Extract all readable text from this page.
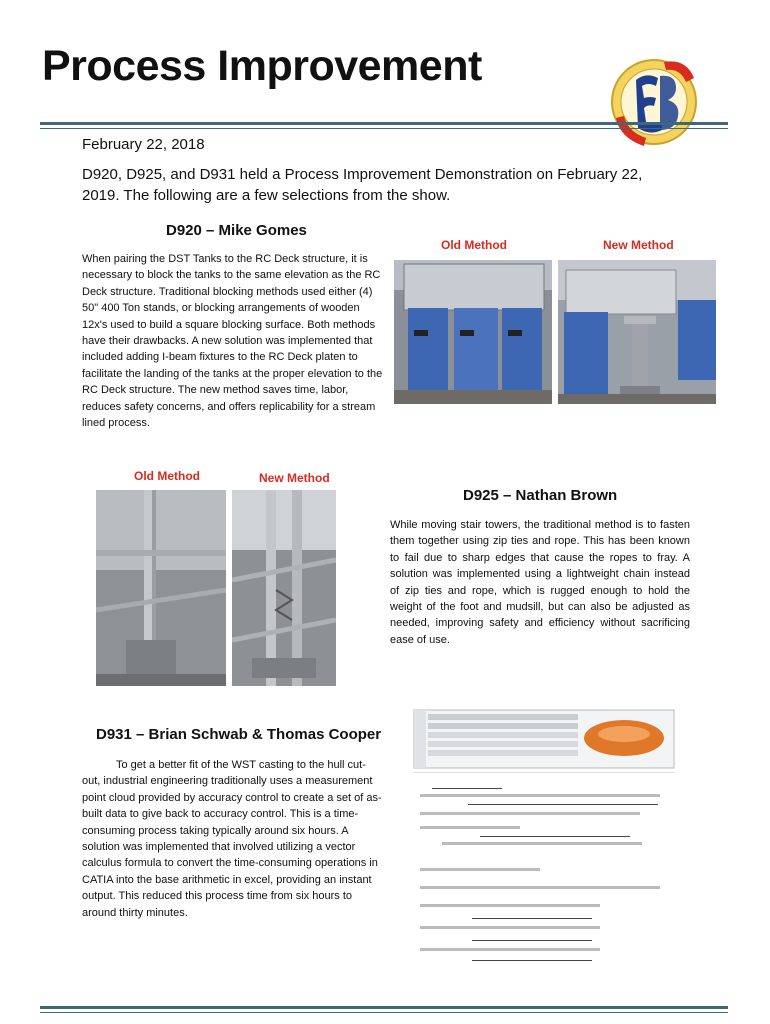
Process Improvement
February 22, 2018
D920, D925, and D931 held a Process Improvement Demonstration on February 22, 2019. The following are a few selections from the show.
D920 – Mike Gomes
When pairing the DST Tanks to the RC Deck structure, it is necessary to block the tanks to the same elevation as the RC Deck structure. Traditional blocking methods used either (4) 50" 400 Ton stands, or blocking arrangements of wooden 12x's used to build a square blocking surface. Both methods have their drawbacks. A new solution was implemented that included adding I-beam fixtures to the RC Deck platen to facilitate the landing of the tanks at the proper elevation to the RC Deck structure. The new method saves time, labor, reduces safety concerns, and offers replicability for a stream lined process.
Old Method	New Method
Old Method	New Method
D925 – Nathan Brown
While moving stair towers, the traditional method is to fasten them together using zip ties and rope. This has been known to fail due to sharp edges that cause the ropes to fray. A solution was implemented using a lightweight chain instead of zip ties and rope, which is rugged enough to hold the weight of the foot and mudsill, but can also be adjusted as needed, improving safety and efficiency without sacrificing ease of use.
D931 – Brian Schwab & Thomas Cooper
To get a better fit of the WST casting to the hull cut-out, industrial engineering traditionally uses a measurement point cloud provided by accuracy control to create a set of as-built data to give back to accuracy control. This is a time-consuming process taking typically around six hours. A solution was implemented that involved utilizing a vector calculus formula to convert the time-consuming operations in CATIA into the base arithmetic in excel, providing an instant output. This reduced this process time from six hours to around thirty minutes.
